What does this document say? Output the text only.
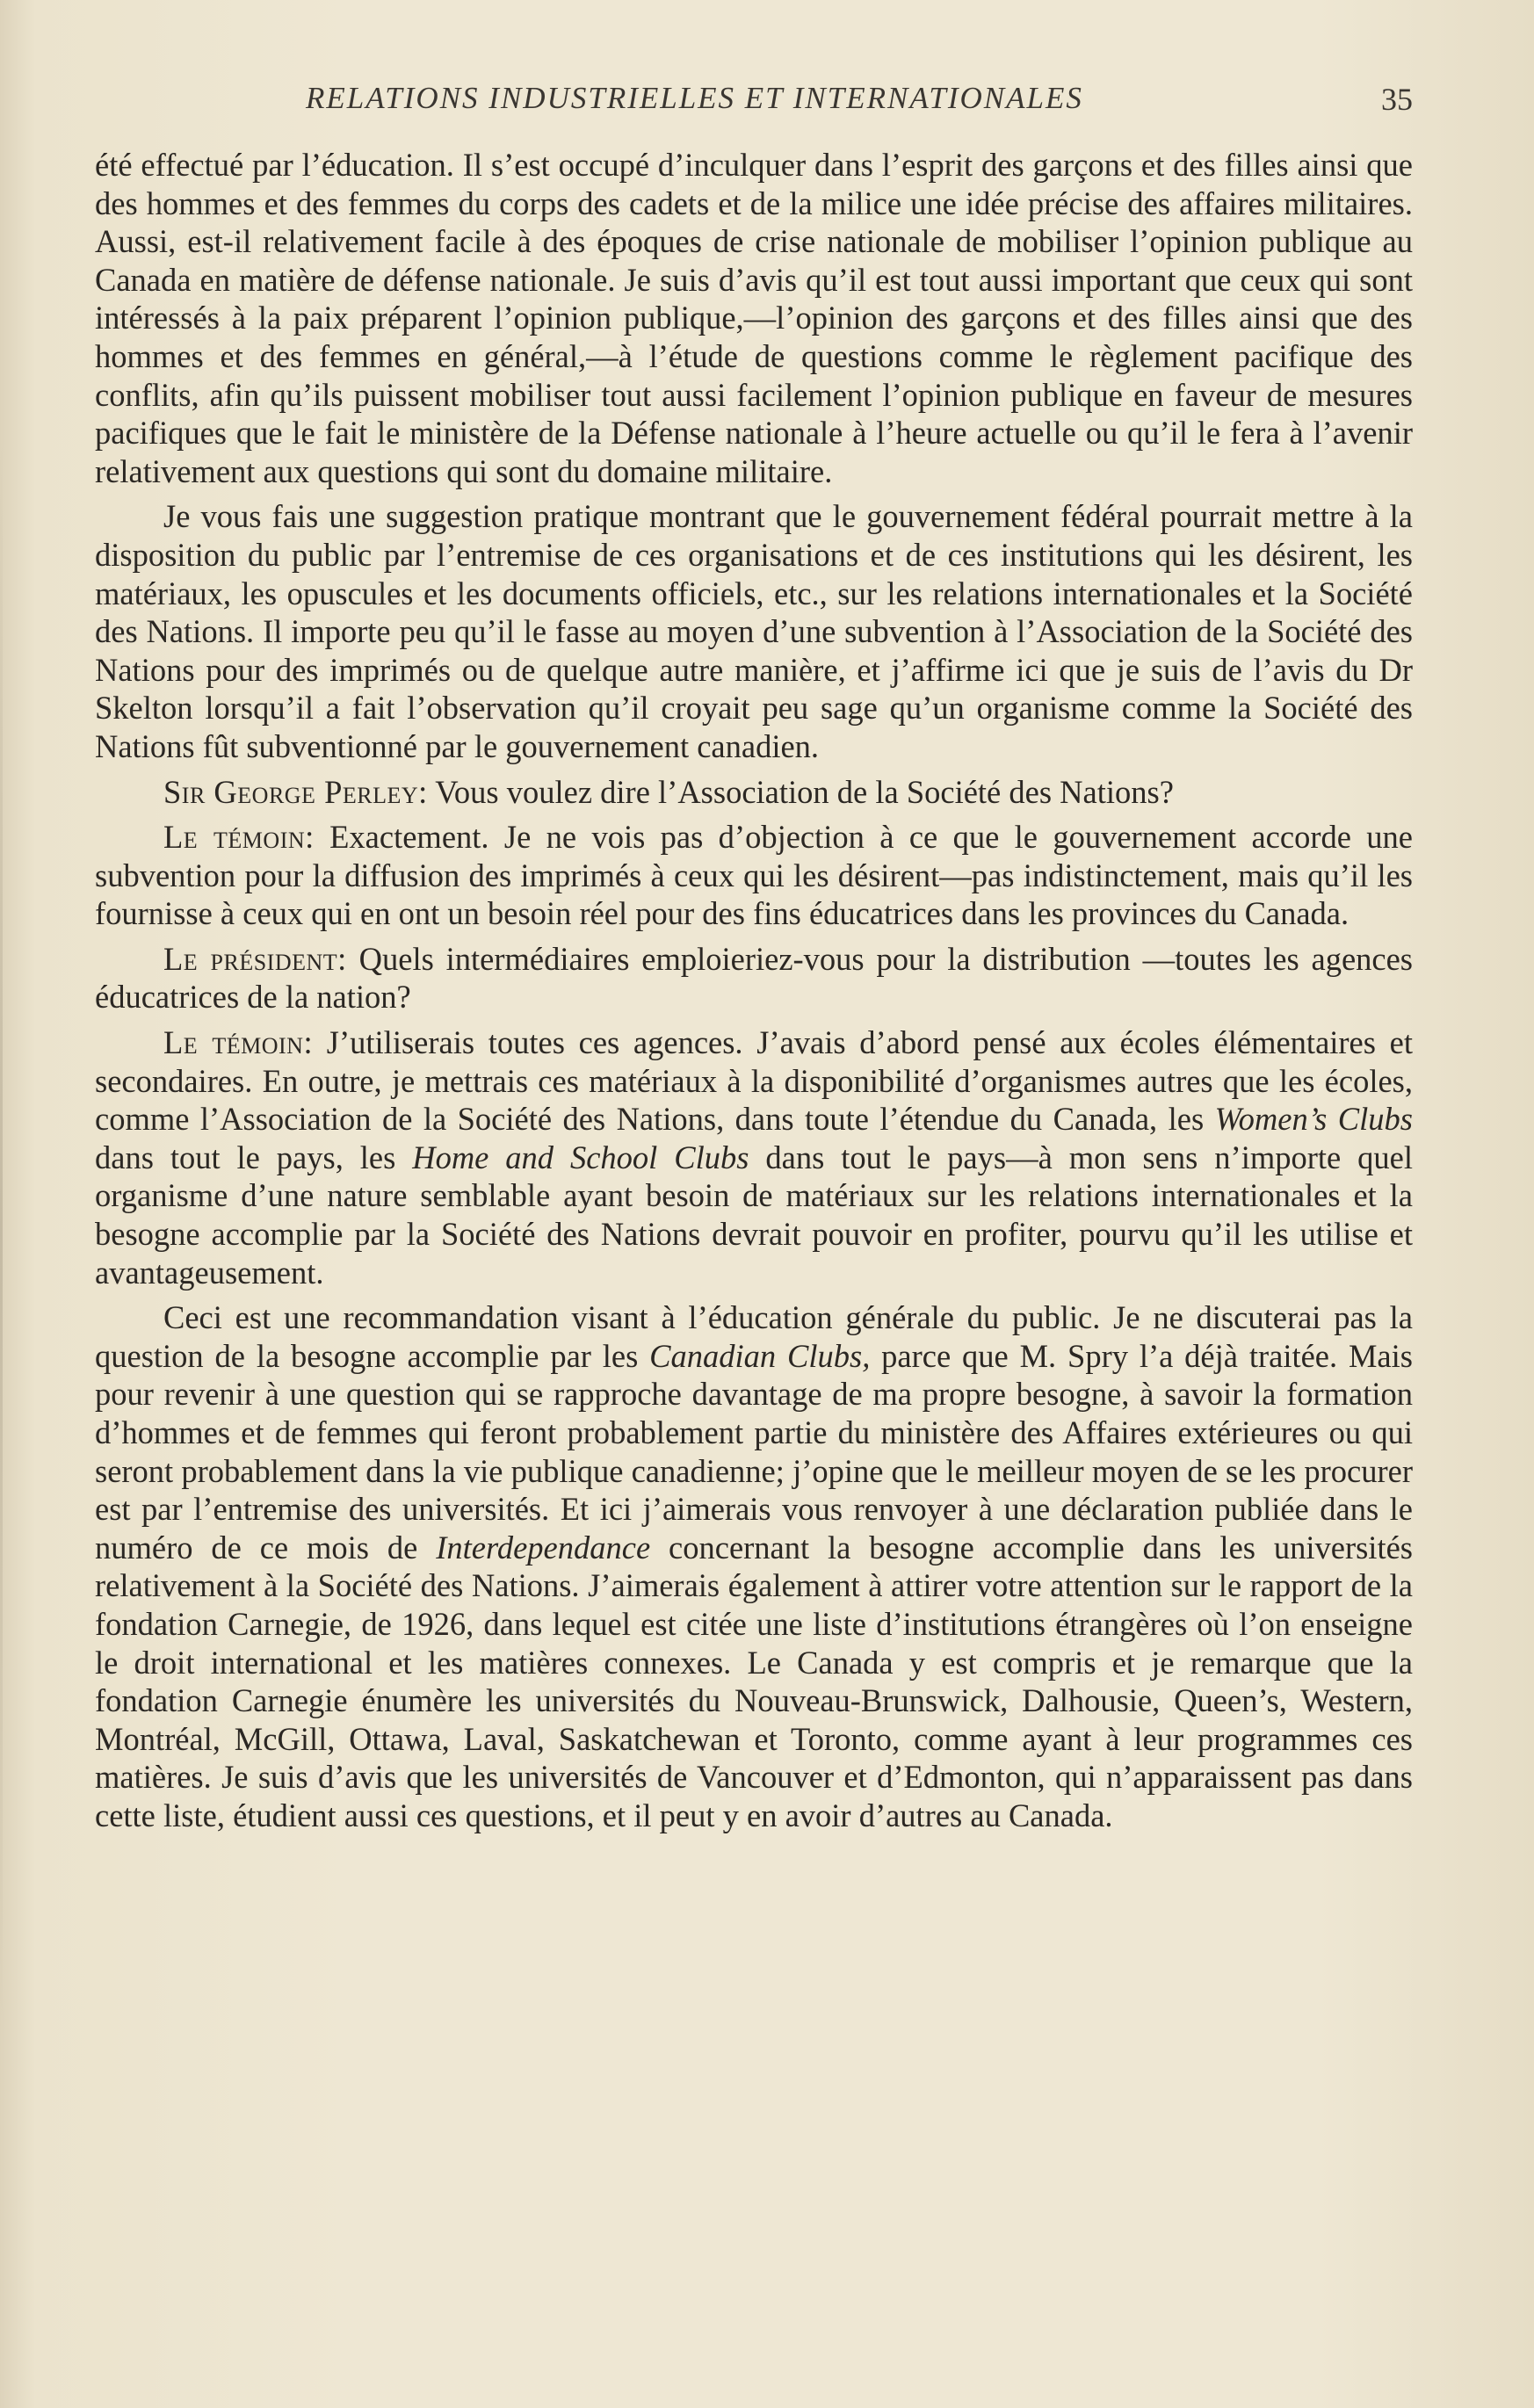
RELATIONS INDUSTRIELLES ET INTERNATIONALES	35

été effectué par l’éducation. Il s’est occupé d’inculquer dans l’esprit des garçons et des filles ainsi que des hommes et des femmes du corps des cadets et de la milice une idée précise des affaires militaires. Aussi, est-il relativement facile à des époques de crise nationale de mobiliser l’opinion publique au Canada en matière de défense nationale. Je suis d’avis qu’il est tout aussi important que ceux qui sont intéressés à la paix préparent l’opinion publique,—l’opinion des garçons et des filles ainsi que des hommes et des femmes en général,—à l’étude de questions comme le règlement pacifique des conflits, afin qu’ils puissent mobiliser tout aussi facilement l’opinion publique en faveur de mesures pacifiques que le fait le ministère de la Défense nationale à l’heure actuelle ou qu’il le fera à l’avenir relativement aux questions qui sont du domaine militaire.

Je vous fais une suggestion pratique montrant que le gouvernement fédéral pourrait mettre à la disposition du public par l’entremise de ces organisations et de ces institutions qui les désirent, les matériaux, les opuscules et les documents officiels, etc., sur les relations internationales et la Société des Nations. Il importe peu qu’il le fasse au moyen d’une subvention à l’Association de la Société des Nations pour des imprimés ou de quelque autre manière, et j’affirme ici que je suis de l’avis du Dr Skelton lorsqu’il a fait l’observation qu’il croyait peu sage qu’un organisme comme la Société des Nations fût subventionné par le gouvernement canadien.

Sir George Perley: Vous voulez dire l’Association de la Société des Nations?

Le témoin: Exactement. Je ne vois pas d’objection à ce que le gouvernement accorde une subvention pour la diffusion des imprimés à ceux qui les désirent—pas indistinctement, mais qu’il les fournisse à ceux qui en ont un besoin réel pour des fins éducatrices dans les provinces du Canada.

Le président: Quels intermédiaires emploieriez-vous pour la distribution —toutes les agences éducatrices de la nation?

Le témoin: J’utiliserais toutes ces agences. J’avais d’abord pensé aux écoles élémentaires et secondaires. En outre, je mettrais ces matériaux à la disponibilité d’organismes autres que les écoles, comme l’Association de la Société des Nations, dans toute l’étendue du Canada, les Women’s Clubs dans tout le pays, les Home and School Clubs dans tout le pays—à mon sens n’importe quel organisme d’une nature semblable ayant besoin de matériaux sur les relations internationales et la besogne accomplie par la Société des Nations devrait pouvoir en profiter, pourvu qu’il les utilise et avantageusement.

Ceci est une recommandation visant à l’éducation générale du public. Je ne discuterai pas la question de la besogne accomplie par les Canadian Clubs, parce que M. Spry l’a déjà traitée. Mais pour revenir à une question qui se rapproche davantage de ma propre besogne, à savoir la formation d’hommes et de femmes qui feront probablement partie du ministère des Affaires extérieures ou qui seront probablement dans la vie publique canadienne; j’opine que le meilleur moyen de se les procurer est par l’entremise des universités. Et ici j’aimerais vous renvoyer à une déclaration publiée dans le numéro de ce mois de Interdependance concernant la besogne accomplie dans les universités relativement à la Société des Nations. J’aimerais également à attirer votre attention sur le rapport de la fondation Carnegie, de 1926, dans lequel est citée une liste d’institutions étrangères où l’on enseigne le droit international et les matières connexes. Le Canada y est compris et je remarque que la fondation Carnegie énumère les universités du Nouveau-Brunswick, Dalhousie, Queen’s, Western, Montréal, McGill, Ottawa, Laval, Saskatchewan et Toronto, comme ayant à leur programmes ces matières. Je suis d’avis que les universités de Vancouver et d’Edmonton, qui n’apparaissent pas dans cette liste, étudient aussi ces questions, et il peut y en avoir d’autres au Canada.
